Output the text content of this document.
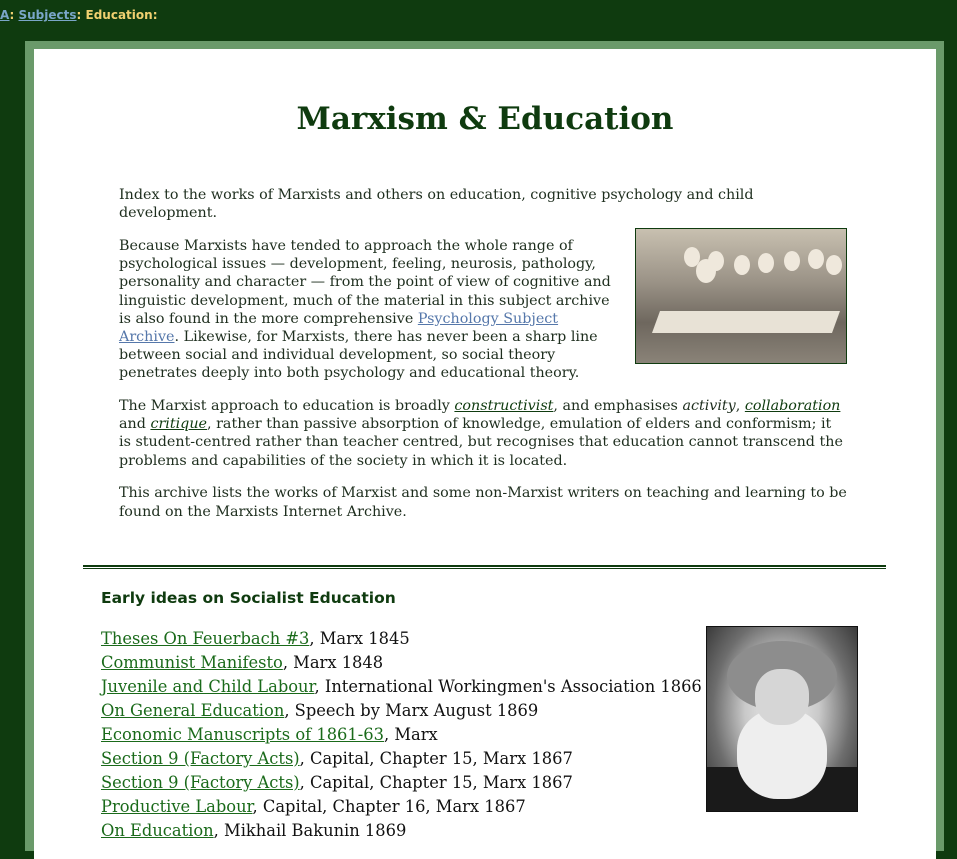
A: Subjects: Education:
Marxism & Education

Index to the works of Marxists and others on education, cognitive psychology and child development.

Because Marxists have tended to approach the whole range of psychological issues — development, feeling, neurosis, pathology, personality and character — from the point of view of cognitive and linguistic development, much of the material in this subject archive is also found in the more comprehensive Psychology Subject Archive. Likewise, for Marxists, there has never been a sharp line between social and individual development, so social theory penetrates deeply into both psychology and educational theory.

The Marxist approach to education is broadly constructivist, and emphasises activity, collaboration and critique, rather than passive absorption of knowledge, emulation of elders and conformism; it is student-centred rather than teacher centred, but recognises that education cannot transcend the problems and capabilities of the society in which it is located.

This archive lists the works of Marxist and some non-Marxist writers on teaching and learning to be found on the Marxists Internet Archive.

Early ideas on Socialist Education
Theses On Feuerbach #3, Marx 1845
Communist Manifesto, Marx 1848
Juvenile and Child Labour, International Workingmen's Association 1866
On General Education, Speech by Marx August 1869
Economic Manuscripts of 1861-63, Marx
Section 9 (Factory Acts), Capital, Chapter 15, Marx 1867
Section 9 (Factory Acts), Capital, Chapter 15, Marx 1867
Productive Labour, Capital, Chapter 16, Marx 1867
On Education, Mikhail Bakunin 1869
